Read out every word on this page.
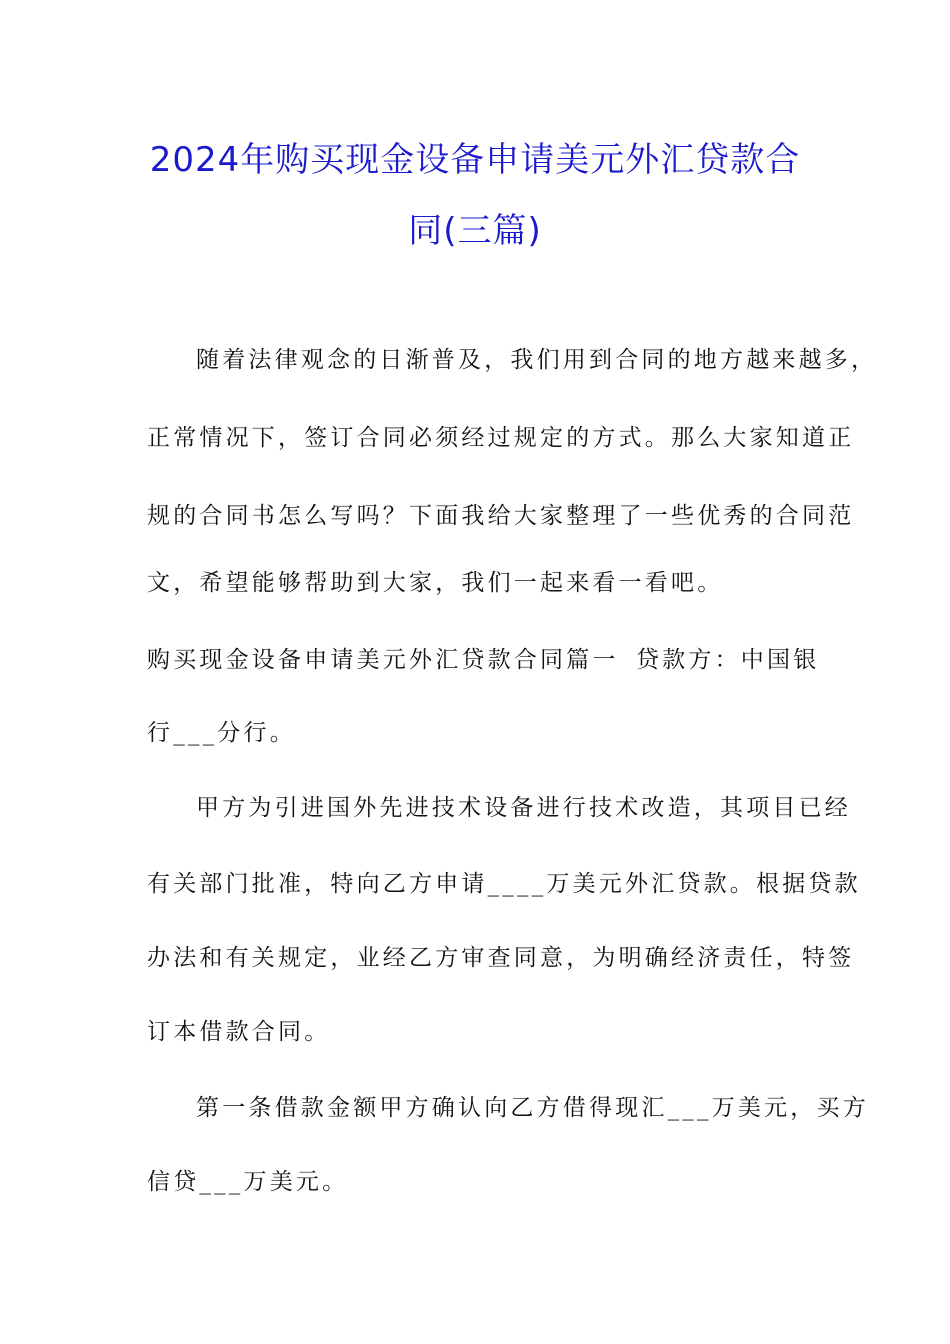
2024年购买现金设备申请美元外汇贷款合
同(三篇)
随着法律观念的日渐普及，我们用到合同的地方越来越多，
正常情况下，签订合同必须经过规定的方式。那么大家知道正
规的合同书怎么写吗？下面我给大家整理了一些优秀的合同范
文，希望能够帮助到大家，我们一起来看一看吧。
购买现金设备申请美元外汇贷款合同篇一 贷款方：中国银
行___分行。
甲方为引进国外先进技术设备进行技术改造，其项目已经
有关部门批准，特向乙方申请____万美元外汇贷款。根据贷款
办法和有关规定，业经乙方审查同意，为明确经济责任，特签
订本借款合同。
第一条借款金额甲方确认向乙方借得现汇___万美元，买方
信贷___万美元。
